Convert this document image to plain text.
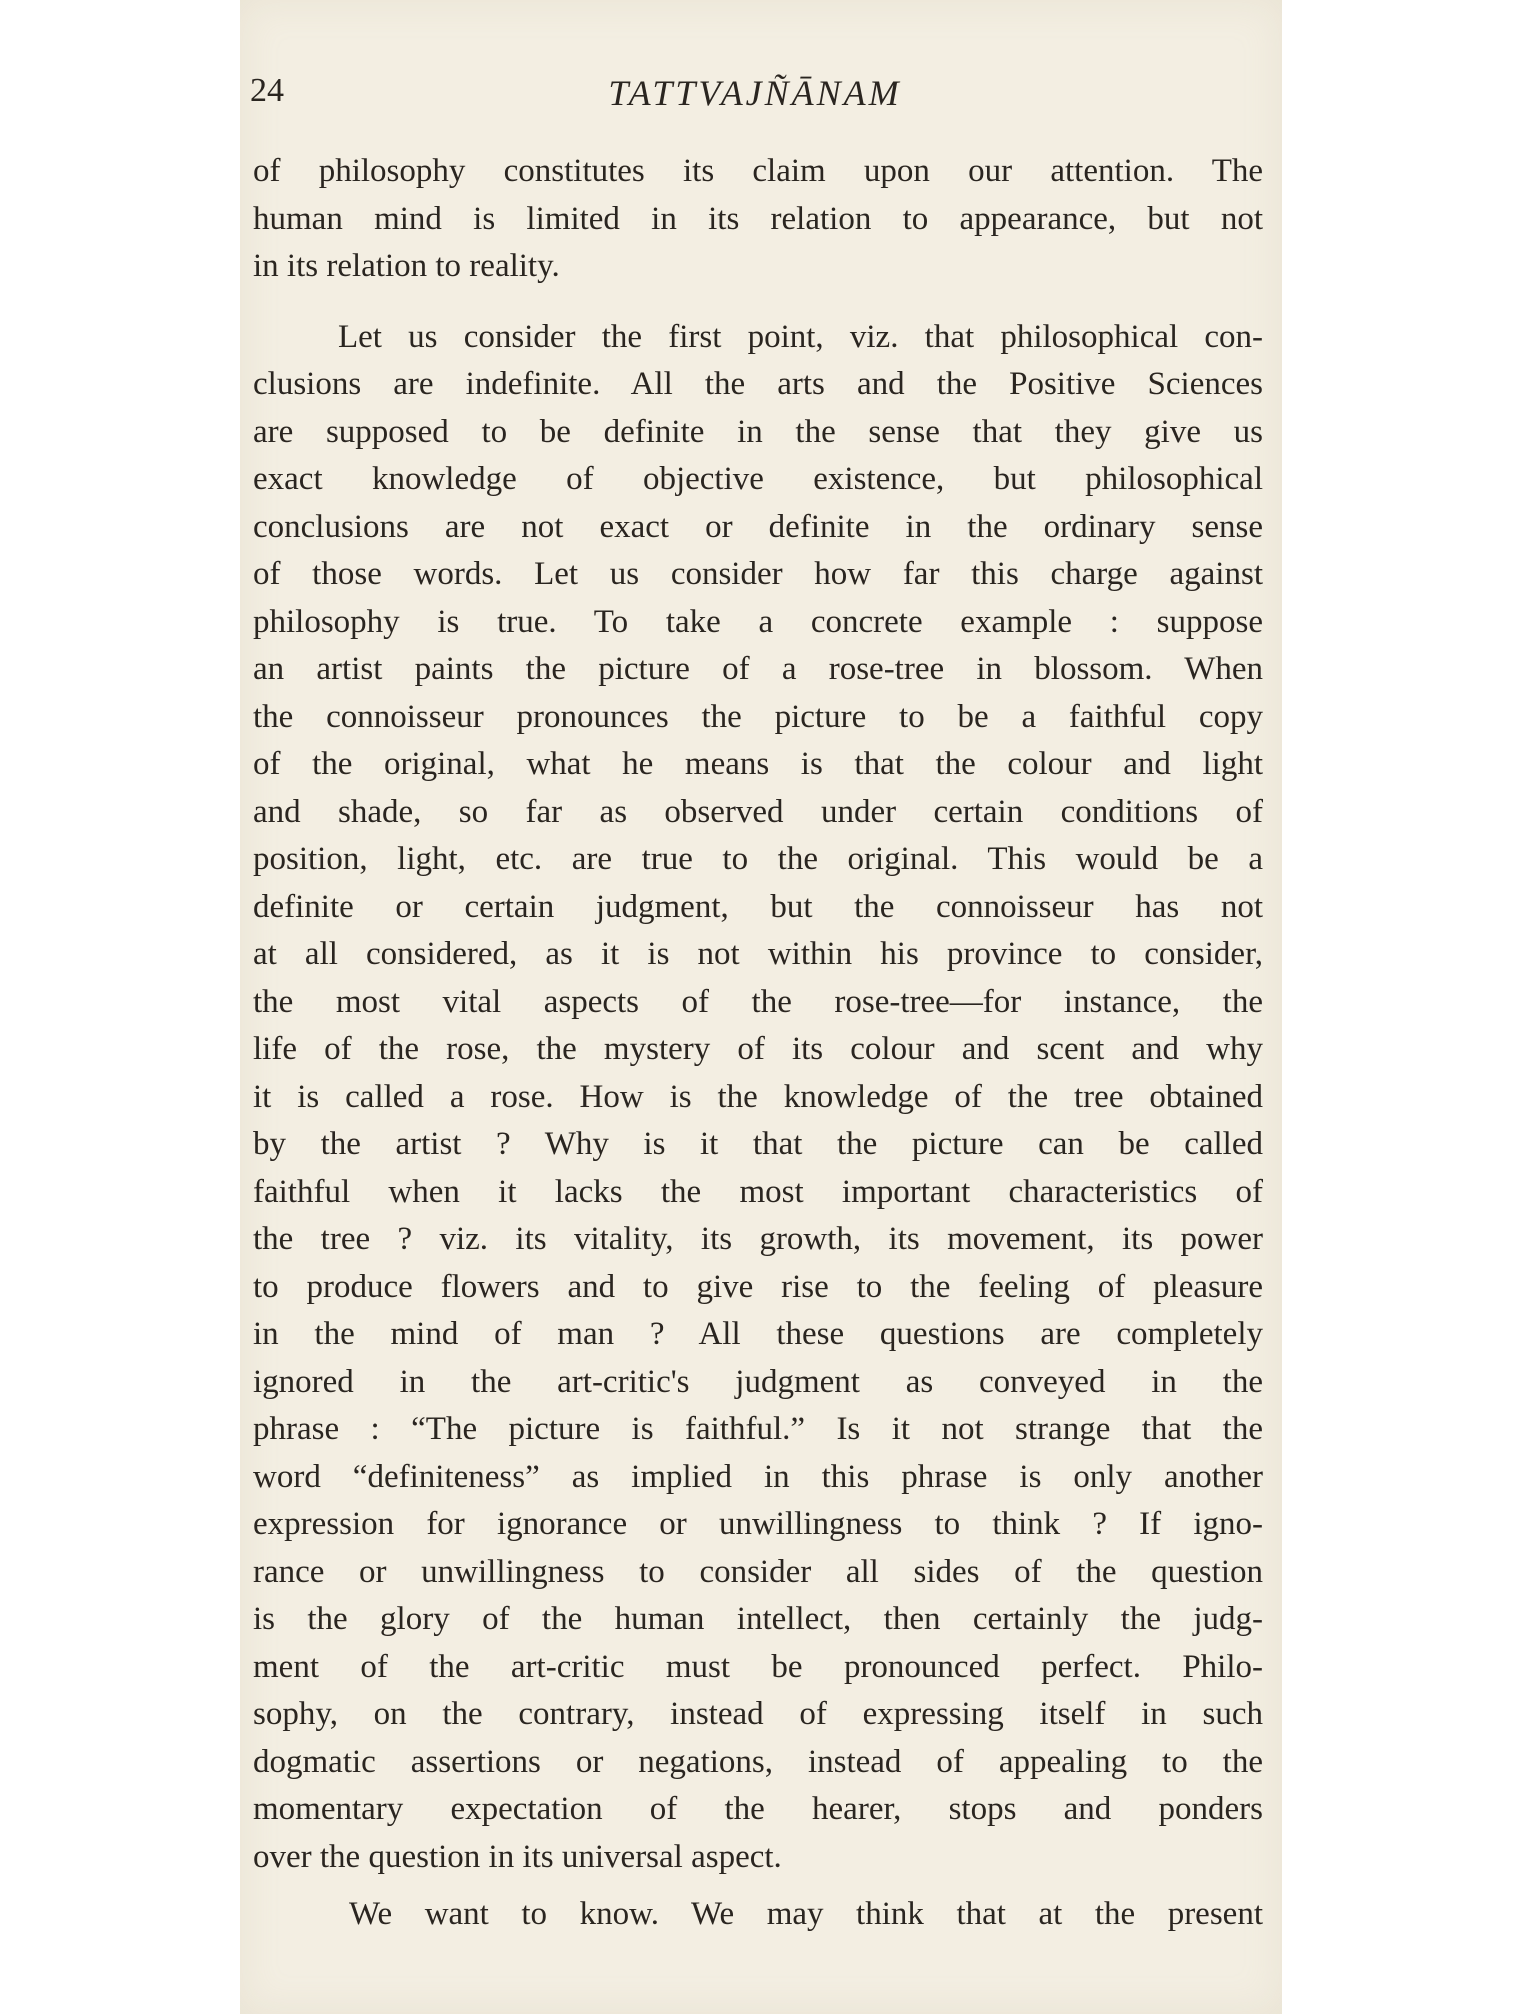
24	TATTVAJÑĀNAM
of philosophy constitutes its claim upon our attention. The
human mind is limited in its relation to appearance, but not
in its relation to reality.
Let us consider the first point, viz. that philosophical con-
clusions are indefinite. All the arts and the Positive Sciences
are supposed to be definite in the sense that they give us
exact knowledge of objective existence, but philosophical
conclusions are not exact or definite in the ordinary sense
of those words. Let us consider how far this charge against
philosophy is true. To take a concrete example : suppose
an artist paints the picture of a rose-tree in blossom. When
the connoisseur pronounces the picture to be a faithful copy
of the original, what he means is that the colour and light
and shade, so far as observed under certain conditions of
position, light, etc. are true to the original. This would be a
definite or certain judgment, but the connoisseur has not
at all considered, as it is not within his province to consider,
the most vital aspects of the rose-tree—for instance, the
life of the rose, the mystery of its colour and scent and why
it is called a rose. How is the knowledge of the tree obtained
by the artist ? Why is it that the picture can be called
faithful when it lacks the most important characteristics of
the tree ? viz. its vitality, its growth, its movement, its power
to produce flowers and to give rise to the feeling of pleasure
in the mind of man ? All these questions are completely
ignored in the art-critic's judgment as conveyed in the
phrase : “The picture is faithful.” Is it not strange that the
word “definiteness” as implied in this phrase is only another
expression for ignorance or unwillingness to think ? If igno-
rance or unwillingness to consider all sides of the question
is the glory of the human intellect, then certainly the judg-
ment of the art-critic must be pronounced perfect. Philo-
sophy, on the contrary, instead of expressing itself in such
dogmatic assertions or negations, instead of appealing to the
momentary expectation of the hearer, stops and ponders
over the question in its universal aspect.
We want to know. We may think that at the present
